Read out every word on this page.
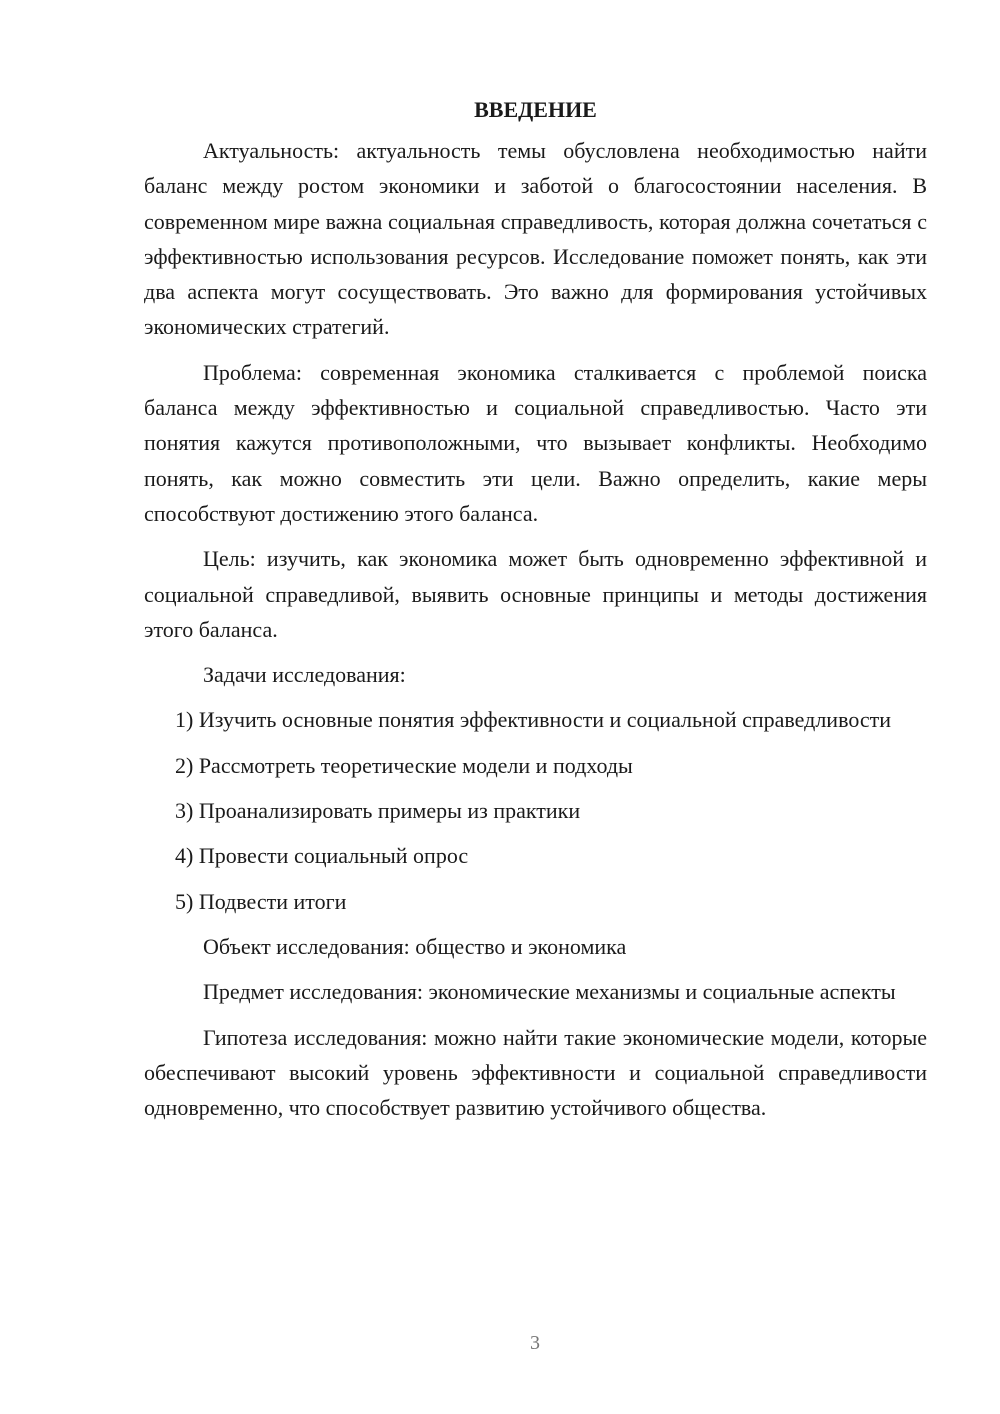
ВВЕДЕНИЕ

Актуальность: актуальность темы обусловлена необходимостью найти баланс между ростом экономики и заботой о благосостоянии населения. В современном мире важна социальная справедливость, которая должна сочетаться с эффективностью использования ресурсов. Исследование поможет понять, как эти два аспекта могут сосуществовать. Это важно для формирования устойчивых экономических стратегий.

Проблема: современная экономика сталкивается с проблемой поиска баланса между эффективностью и социальной справедливостью. Часто эти понятия кажутся противоположными, что вызывает конфликты. Необходимо понять, как можно совместить эти цели. Важно определить, какие меры способствуют достижению этого баланса.

Цель: изучить, как экономика может быть одновременно эффективной и социальной справедливой, выявить основные принципы и методы достижения этого баланса.

Задачи исследования:

1) Изучить основные понятия эффективности и социальной справедливости

2) Рассмотреть теоретические модели и подходы

3) Проанализировать примеры из практики

4) Провести социальный опрос

5) Подвести итоги

Объект исследования: общество и экономика

Предмет исследования: экономические механизмы и социальные аспекты

Гипотеза исследования: можно найти такие экономические модели, которые обеспечивают высокий уровень эффективности и социальной справедливости одновременно, что способствует развитию устойчивого общества.

3
